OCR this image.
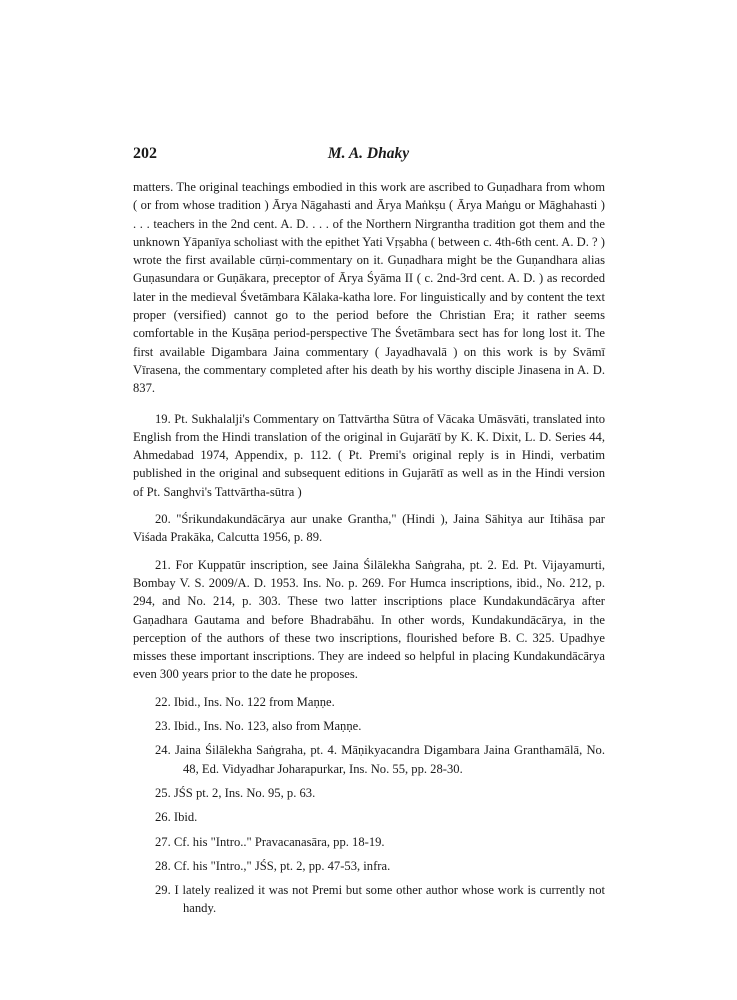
202	M. A. Dhaky

matters. The original teachings embodied in this work are ascribed to Guṇadhara from whom ( or from whose tradition ) Ārya Nāgahasti and Ārya Maṅkṣu ( Ārya Maṅgu or Māghahasti ) . . . teachers in the 2nd cent. A. D. . . . of the Northern Nirgrantha tradition got them and the unknown Yāpanīya scholiast with the epithet Yati Vṛṣabha ( between c. 4th-6th cent. A. D. ? ) wrote the first available cūrṇi-commentary on it. Guṇadhara might be the Guṇandhara alias Guṇasundara or Guṇākara, preceptor of Ārya Śyāma II ( c. 2nd-3rd cent. A. D. ) as recorded later in the medieval Śvetāmbara Kālaka-katha lore. For linguistically and by content the text proper (versified) cannot go to the period before the Christian Era; it rather seems comfortable in the Kuṣāṇa period-perspective The Śvetāmbara sect has for long lost it. The first available Digambara Jaina commentary ( Jayadhavalā ) on this work is by Svāmī Vīrasena, the commentary completed after his death by his worthy disciple Jinasena in A. D. 837.

19. Pt. Sukhalalji's Commentary on Tattvārtha Sūtra of Vācaka Umāsvāti, translated into English from the Hindi translation of the original in Gujarātī by K. K. Dixit, L. D. Series 44, Ahmedabad 1974, Appendix, p. 112. ( Pt. Premi's original reply is in Hindi, verbatim published in the original and subsequent editions in Gujarātī as well as in the Hindi version of Pt. Sanghvi's Tattvārtha-sūtra )

20. "Śrikundakundācārya aur unake Grantha," (Hindi ), Jaina Sāhitya aur Itihāsa par Viśada Prakāka, Calcutta 1956, p. 89.

21. For Kuppatūr inscription, see Jaina Śilālekha Saṅgraha, pt. 2. Ed. Pt. Vijayamurti, Bombay V. S. 2009/A. D. 1953. Ins. No. p. 269. For Humca inscriptions, ibid., No. 212, p. 294, and No. 214, p. 303. These two latter inscriptions place Kundakundācārya after Gaṇadhara Gautama and before Bhadrabāhu. In other words, Kundakundācārya, in the perception of the authors of these two inscriptions, flourished before B. C. 325. Upadhye misses these important inscriptions. They are indeed so helpful in placing Kundakundācārya even 300 years prior to the date he proposes.

22. Ibid., Ins. No. 122 from Maṇṇe.

23. Ibid., Ins. No. 123, also from Maṇṇe.

24. Jaina Śilālekha Saṅgraha, pt. 4. Māṇikyacandra Digambara Jaina Granthamālā, No. 48, Ed. Vidyadhar Joharapurkar, Ins. No. 55, pp. 28-30.

25. JŚS pt. 2, Ins. No. 95, p. 63.

26. Ibid.

27. Cf. his "Intro.." Pravacanasāra, pp. 18-19.

28. Cf. his "Intro.," JŚS, pt. 2, pp. 47-53, infra.

29. I lately realized it was not Premi but some other author whose work is currently not handy.
